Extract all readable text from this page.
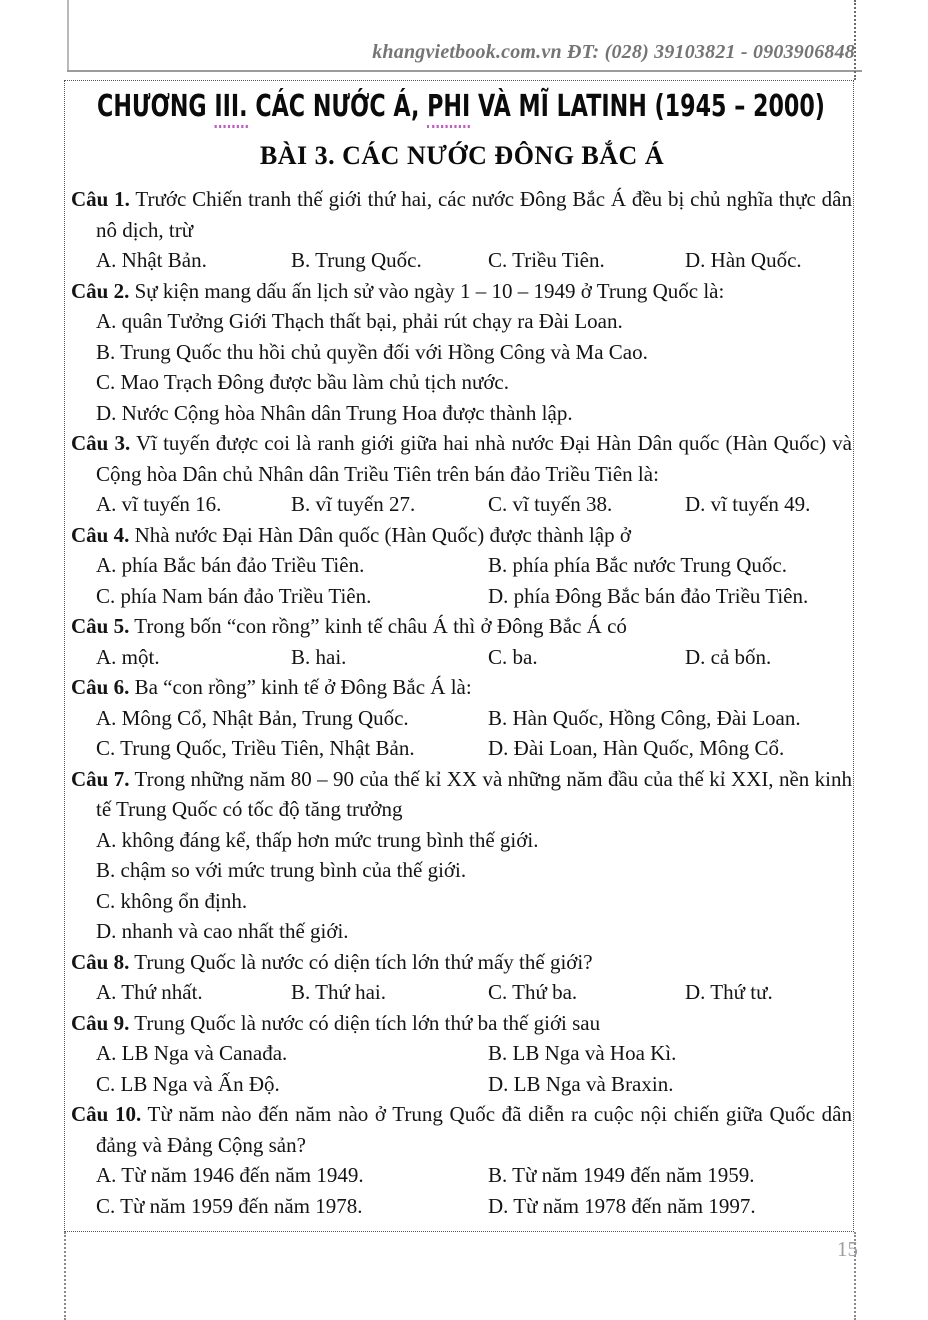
khangvietbook.com.vn ĐT: (028) 39103821 - 0903906848
15
CHƯƠNG III. CÁC NƯỚC Á, PHI VÀ MĨ LATINH (1945 – 2000)
BÀI 3. CÁC NƯỚC ĐÔNG BẮC Á

Câu 1. Trước Chiến tranh thế giới thứ hai, các nước Đông Bắc Á đều bị chủ nghĩa thực dân nô dịch, trừ

A. Nhật Bản.	B. Trung Quốc.	C. Triều Tiên.	D. Hàn Quốc.

Câu 2. Sự kiện mang dấu ấn lịch sử vào ngày 1 – 10 – 1949 ở Trung Quốc là:

A. quân Tưởng Giới Thạch thất bại, phải rút chạy ra Đài Loan.
B. Trung Quốc thu hồi chủ quyền đối với Hồng Công và Ma Cao.
C. Mao Trạch Đông được bầu làm chủ tịch nước.
D. Nước Cộng hòa Nhân dân Trung Hoa được thành lập.

Câu 3. Vĩ tuyến được coi là ranh giới giữa hai nhà nước Đại Hàn Dân quốc (Hàn Quốc) và Cộng hòa Dân chủ Nhân dân Triều Tiên trên bán đảo Triều Tiên là:

A. vĩ tuyến 16.	B. vĩ tuyến 27.	C. vĩ tuyến 38.	D. vĩ tuyến 49.

Câu 4. Nhà nước Đại Hàn Dân quốc (Hàn Quốc) được thành lập ở

A. phía Bắc bán đảo Triều Tiên.	B. phía phía Bắc nước Trung Quốc.
C. phía Nam bán đảo Triều Tiên.	D. phía Đông Bắc bán đảo Triều Tiên.

Câu 5. Trong bốn “con rồng” kinh tế châu Á thì ở Đông Bắc Á có

A. một.	B. hai.	C. ba.	D. cả bốn.

Câu 6. Ba “con rồng” kinh tế ở Đông Bắc Á là:

A. Mông Cổ, Nhật Bản, Trung Quốc.	B. Hàn Quốc, Hồng Công, Đài Loan.
C. Trung Quốc, Triều Tiên, Nhật Bản.	D. Đài Loan, Hàn Quốc, Mông Cổ.

Câu 7. Trong những năm 80 – 90 của thế kỉ XX và những năm đầu của thế kỉ XXI, nền kinh tế Trung Quốc có tốc độ tăng trưởng

A. không đáng kể, thấp hơn mức trung bình thế giới.
B. chậm so với mức trung bình của thế giới.
C. không ổn định.
D. nhanh và cao nhất thế giới.

Câu 8. Trung Quốc là nước có diện tích lớn thứ mấy thế giới?

A. Thứ nhất.	B. Thứ hai.	C. Thứ ba.	D. Thứ tư.

Câu 9. Trung Quốc là nước có diện tích lớn thứ ba thế giới sau

A. LB Nga và Canađa.	B. LB Nga và Hoa Kì.
C. LB Nga và Ấn Độ.	D. LB Nga và Braxin.

Câu 10. Từ năm nào đến năm nào ở Trung Quốc đã diễn ra cuộc nội chiến giữa Quốc dân đảng và Đảng Cộng sản?

A. Từ năm 1946 đến năm 1949.	B. Từ năm 1949 đến năm 1959.
C. Từ năm 1959 đến năm 1978.	D. Từ năm 1978 đến năm 1997.
